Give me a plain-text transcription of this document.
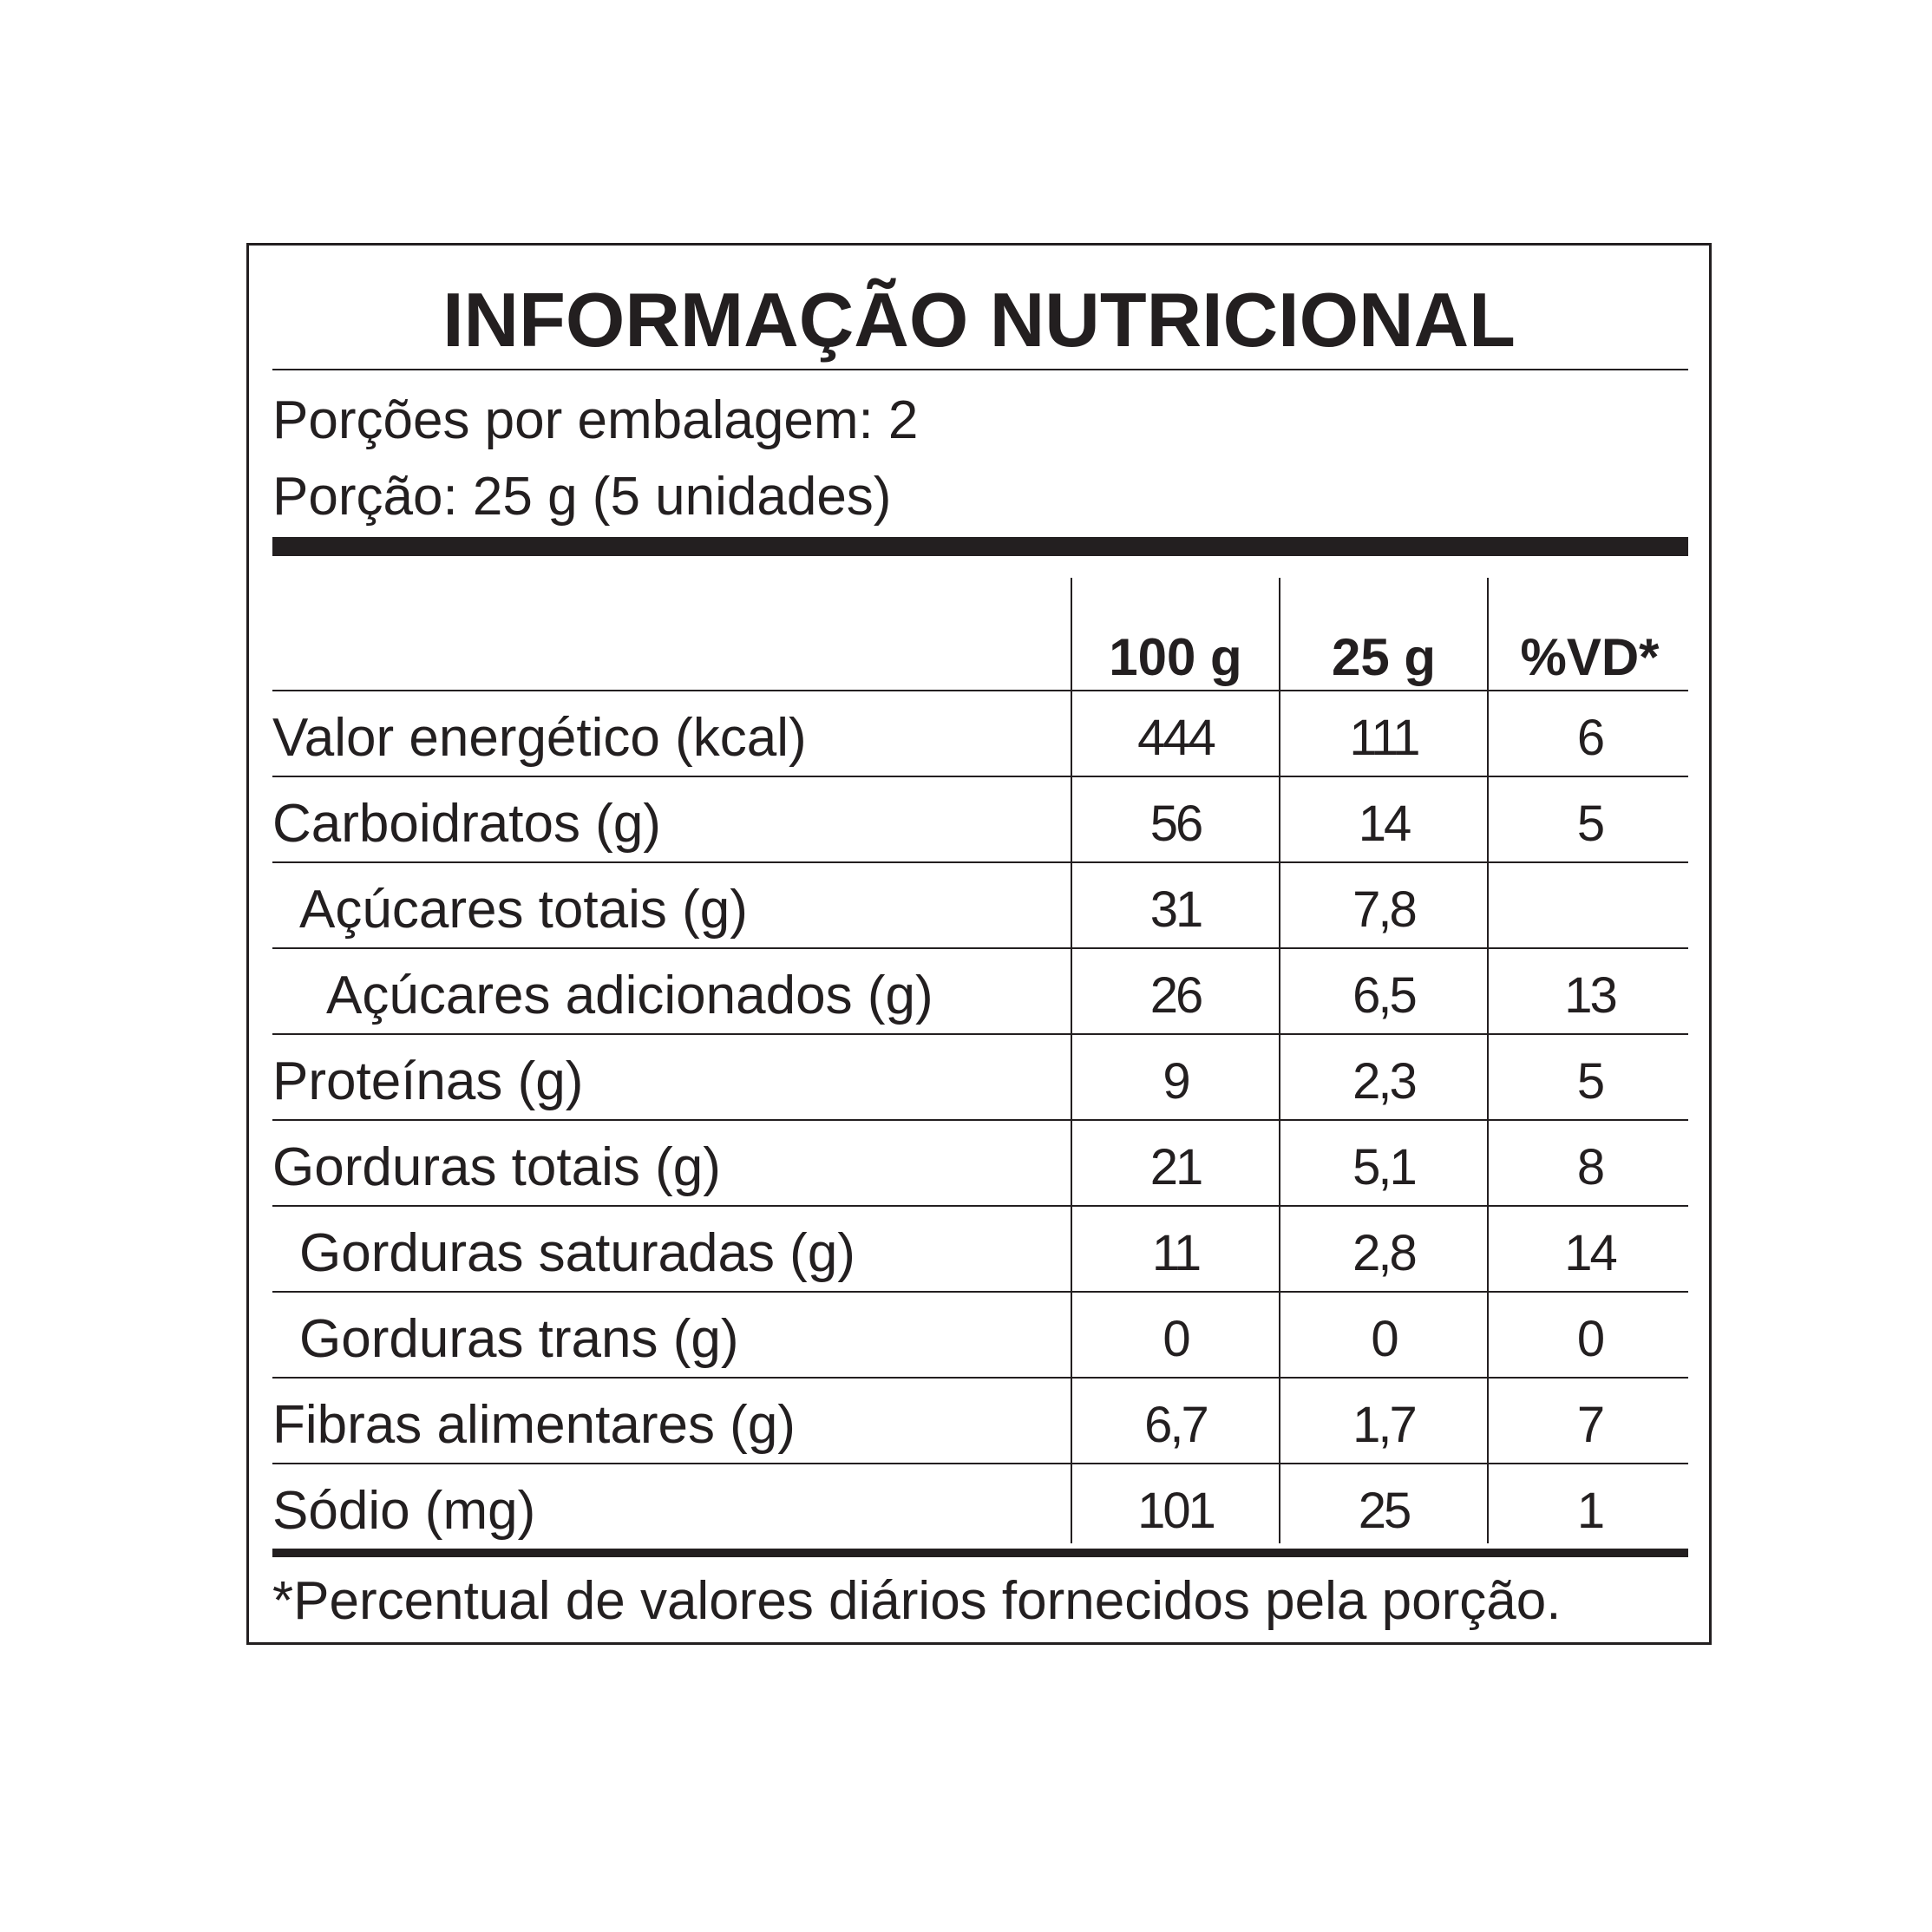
INFORMAÇÃO NUTRICIONAL
Porções por embalagem: 2
Porção: 25 g (5 unidades)
100 g	25 g	%VD*
Valor energético (kcal)	444	111	6
Carboidratos (g)	56	14	5
Açúcares totais (g)	31	7,8
Açúcares adicionados (g)	26	6,5	13
Proteínas (g)	9	2,3	5
Gorduras totais (g)	21	5,1	8
Gorduras saturadas (g)	11	2,8	14
Gorduras trans (g)	0	0	0
Fibras alimentares (g)	6,7	1,7	7
Sódio (mg)	101	25	1
*Percentual de valores diários fornecidos pela porção.
